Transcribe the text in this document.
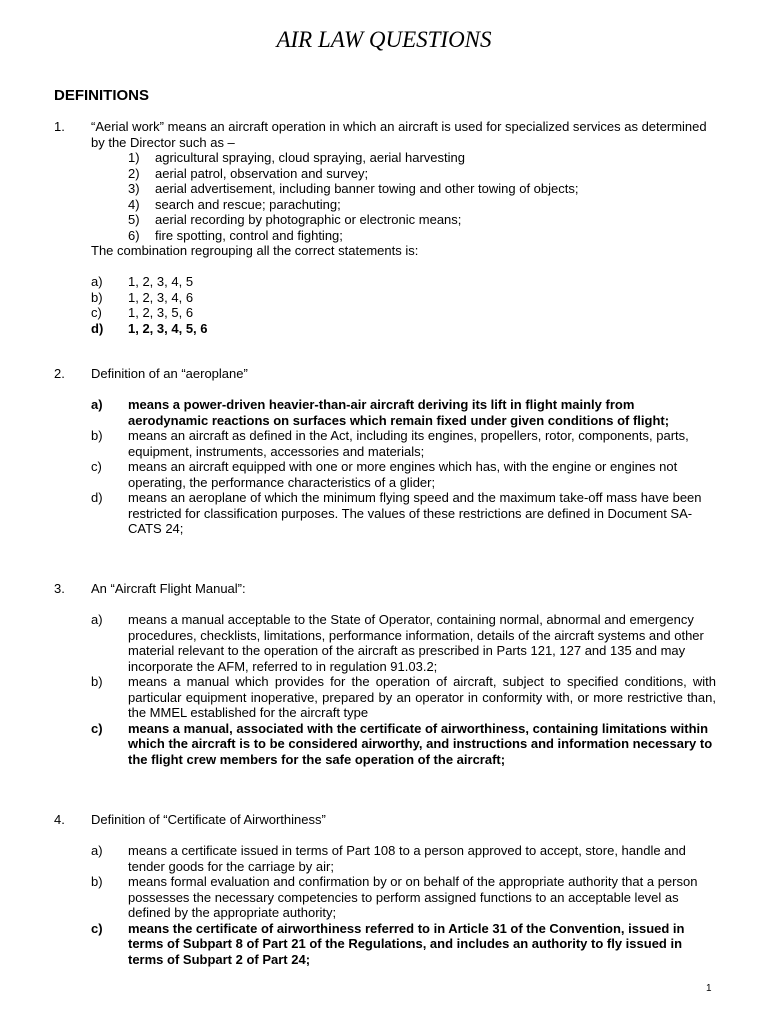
AIR LAW QUESTIONS
DEFINITIONS
1. “Aerial work” means an aircraft operation in which an aircraft is used for specialized services as determined by the Director such as –
1) agricultural spraying, cloud spraying, aerial harvesting
2) aerial patrol, observation and survey;
3) aerial advertisement, including banner towing and other towing of objects;
4) search and rescue; parachuting;
5) aerial recording by photographic or electronic means;
6) fire spotting, control and fighting;
The combination regrouping all the correct statements is:
a) 1, 2, 3, 4, 5
b) 1, 2, 3, 4, 6
c) 1, 2, 3, 5, 6
d) 1, 2, 3, 4, 5, 6
2. Definition of an “aeroplane”
a) means a power-driven heavier-than-air aircraft deriving its lift in flight mainly from aerodynamic reactions on surfaces which remain fixed under given conditions of flight;
b) means an aircraft as defined in the Act, including its engines, propellers, rotor, components, parts, equipment, instruments, accessories and materials;
c) means an aircraft equipped with one or more engines which has, with the engine or engines not operating, the performance characteristics of a glider;
d) means an aeroplane of which the minimum flying speed and the maximum take-off mass have been restricted for classification purposes. The values of these restrictions are defined in Document SA-CATS 24;
3. An “Aircraft Flight Manual”:
a) means a manual acceptable to the State of Operator, containing normal, abnormal and emergency procedures, checklists, limitations, performance information, details of the aircraft systems and other material relevant to the operation of the aircraft as prescribed in Parts 121, 127 and 135 and may incorporate the AFM, referred to in regulation 91.03.2;
b) means a manual which provides for the operation of aircraft, subject to specified conditions, with particular equipment inoperative, prepared by an operator in conformity with, or more restrictive than, the MMEL established for the aircraft type
c) means a manual, associated with the certificate of airworthiness, containing limitations within which the aircraft is to be considered airworthy, and instructions and information necessary to the flight crew members for the safe operation of the aircraft;
4. Definition of “Certificate of Airworthiness”
a) means a certificate issued in terms of Part 108 to a person approved to accept, store, handle and tender goods for the carriage by air;
b) means formal evaluation and confirmation by or on behalf of the appropriate authority that a person possesses the necessary competencies to perform assigned functions to an acceptable level as defined by the appropriate authority;
c) means the certificate of airworthiness referred to in Article 31 of the Convention, issued in terms of Subpart 8 of Part 21 of the Regulations, and includes an authority to fly issued in terms of Subpart 2 of Part 24;
1
